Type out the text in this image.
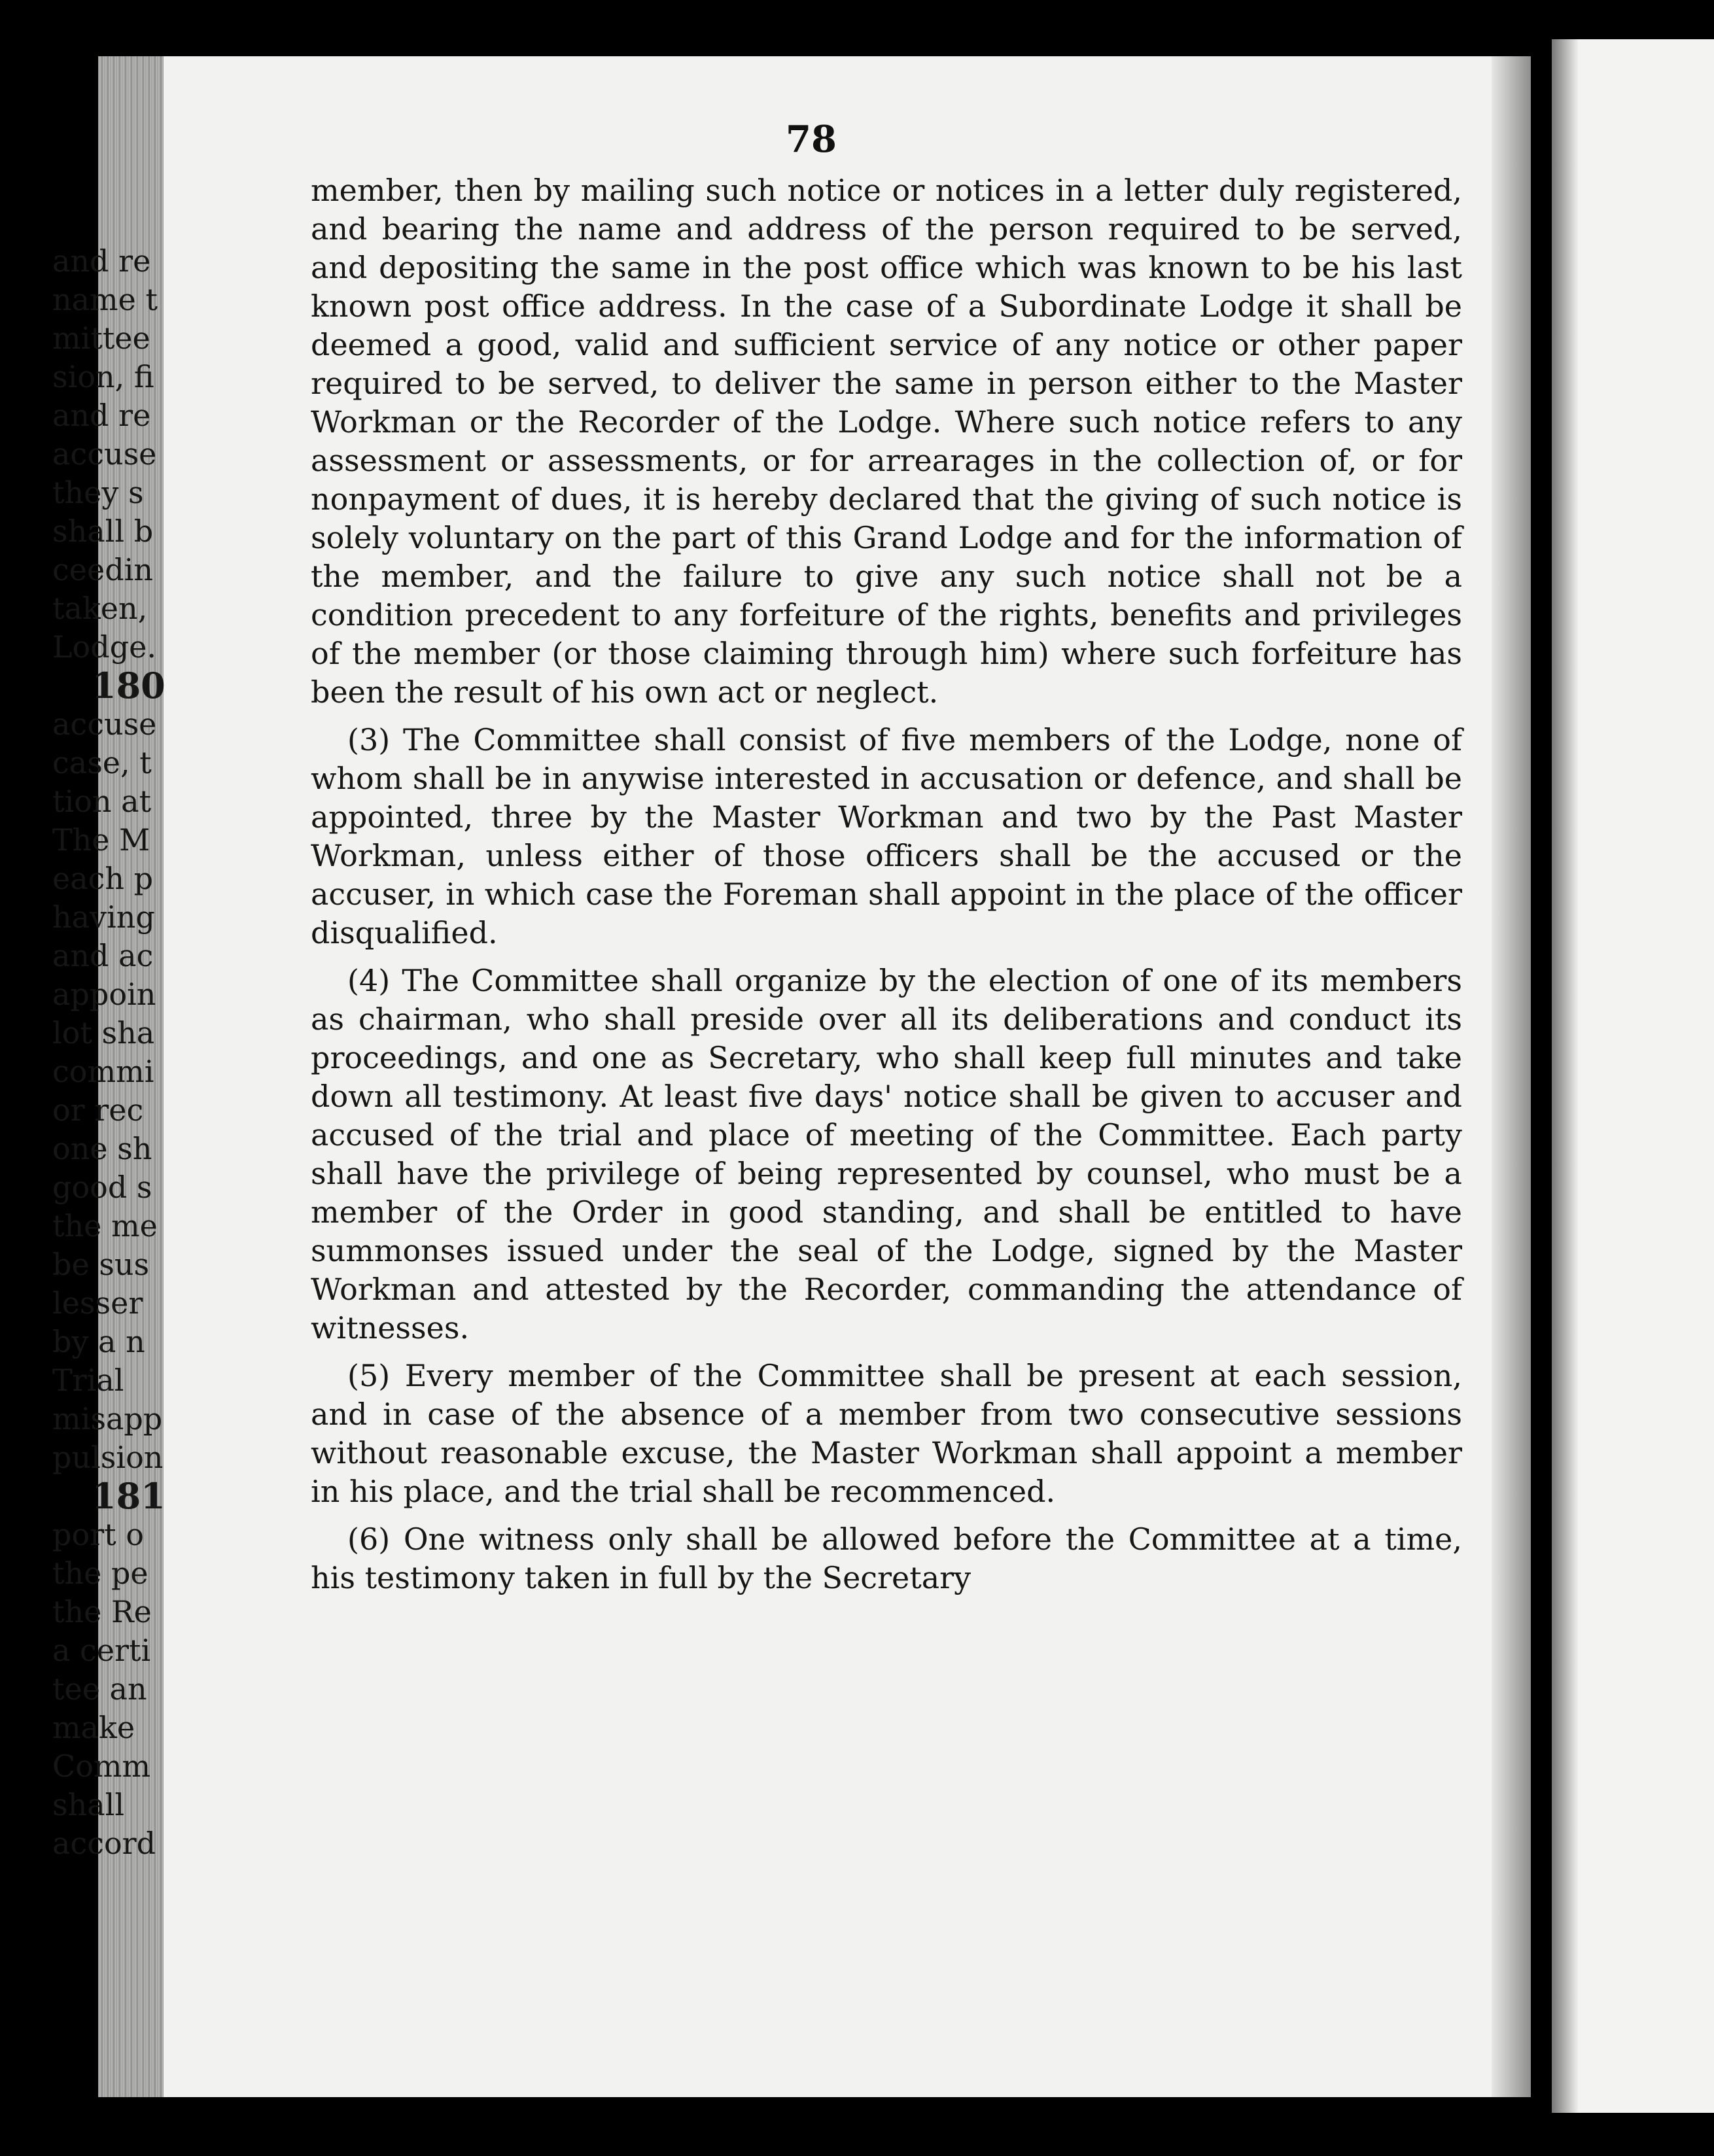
78

member, then by mailing such notice or notices in a letter duly registered, and bearing the name and address of the person required to be served, and depositing the same in the post office which was known to be his last known post office address. In the case of a Subordinate Lodge it shall be deemed a good, valid and sufficient service of any notice or other paper required to be served, to deliver the same in person either to the Master Workman or the Recorder of the Lodge. Where such notice refers to any assessment or assessments, or for arrearages in the collection of, or for nonpayment of dues, it is hereby declared that the giving of such notice is solely voluntary on the part of this Grand Lodge and for the information of the member, and the failure to give any such notice shall not be a condition precedent to any forfeiture of the rights, benefits and privileges of the member (or those claiming through him) where such forfeiture has been the result of his own act or neglect.

(3) The Committee shall consist of five members of the Lodge, none of whom shall be in anywise interested in accusation or defence, and shall be appointed, three by the Master Workman and two by the Past Master Workman, unless either of those officers shall be the accused or the accuser, in which case the Foreman shall appoint in the place of the officer disqualified.

(4) The Committee shall organize by the election of one of its members as chairman, who shall preside over all its deliberations and conduct its proceedings, and one as Secretary, who shall keep full minutes and take down all testimony. At least five days' notice shall be given to accuser and accused of the trial and place of meeting of the Committee. Each party shall have the privilege of being represented by counsel, who must be a member of the Order in good standing, and shall be entitled to have summonses issued under the seal of the Lodge, signed by the Master Workman and attested by the Recorder, commanding the attendance of witnesses.

(5) Every member of the Committee shall be present at each session, and in case of the absence of a member from two consecutive sessions without reasonable excuse, the Master Workman shall appoint a member in his place, and the trial shall be recommenced.

(6) One witness only shall be allowed before the Committee at a time, his testimony taken in full by the Secretary

and re
name t
mittee
sion, fi
and re
accuse
they s
shall b
ceedin
taken,
Lodge.
180
accuse
case, t
tion at
The M
each p
having
and ac
appoin
lot sha
commi
or rec
one sh
good s
the me
be sus
lesser
by a n
Trial
misapp
pulsion
181
port o
the pe
the Re
a certi
tee an
make
Comm
shall
accord
